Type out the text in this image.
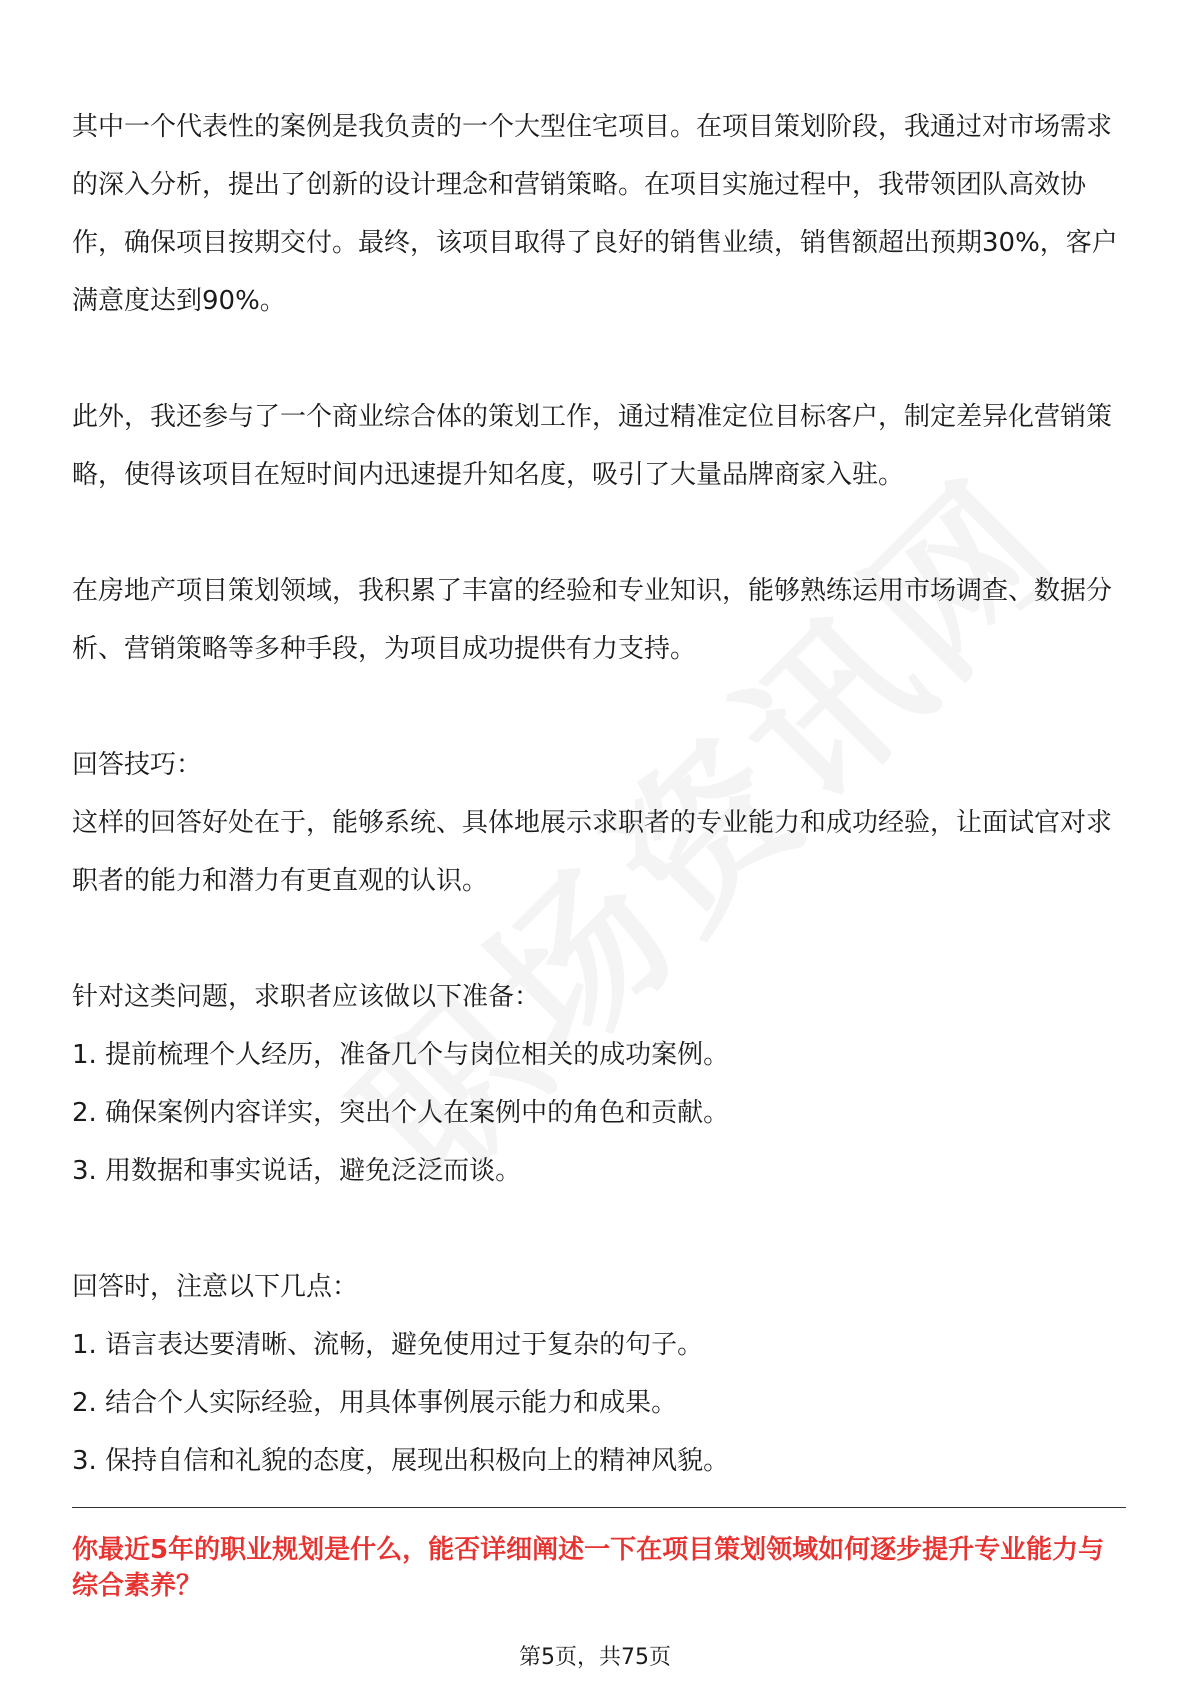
其中一个代表性的案例是我负责的一个大型住宅项目。在项目策划阶段，我通过对市场需求的深入分析，提出了创新的设计理念和营销策略。在项目实施过程中，我带领团队高效协作，确保项目按期交付。最终，该项目取得了良好的销售业绩，销售额超出预期30%，客户满意度达到90%。

此外，我还参与了一个商业综合体的策划工作，通过精准定位目标客户，制定差异化营销策略，使得该项目在短时间内迅速提升知名度，吸引了大量品牌商家入驻。

在房地产项目策划领域，我积累了丰富的经验和专业知识，能够熟练运用市场调查、数据分析、营销策略等多种手段，为项目成功提供有力支持。

回答技巧：

这样的回答好处在于，能够系统、具体地展示求职者的专业能力和成功经验，让面试官对求职者的能力和潜力有更直观的认识。

针对这类问题，求职者应该做以下准备：

1. 提前梳理个人经历，准备几个与岗位相关的成功案例。

2. 确保案例内容详实，突出个人在案例中的角色和贡献。

3. 用数据和事实说话，避免泛泛而谈。

回答时，注意以下几点：

1. 语言表达要清晰、流畅，避免使用过于复杂的句子。

2. 结合个人实际经验，用具体事例展示能力和成果。

3. 保持自信和礼貌的态度，展现出积极向上的精神风貌。

你最近5年的职业规划是什么，能否详细阐述一下在项目策划领域如何逐步提升专业能力与综合素养？
第5页，共75页
